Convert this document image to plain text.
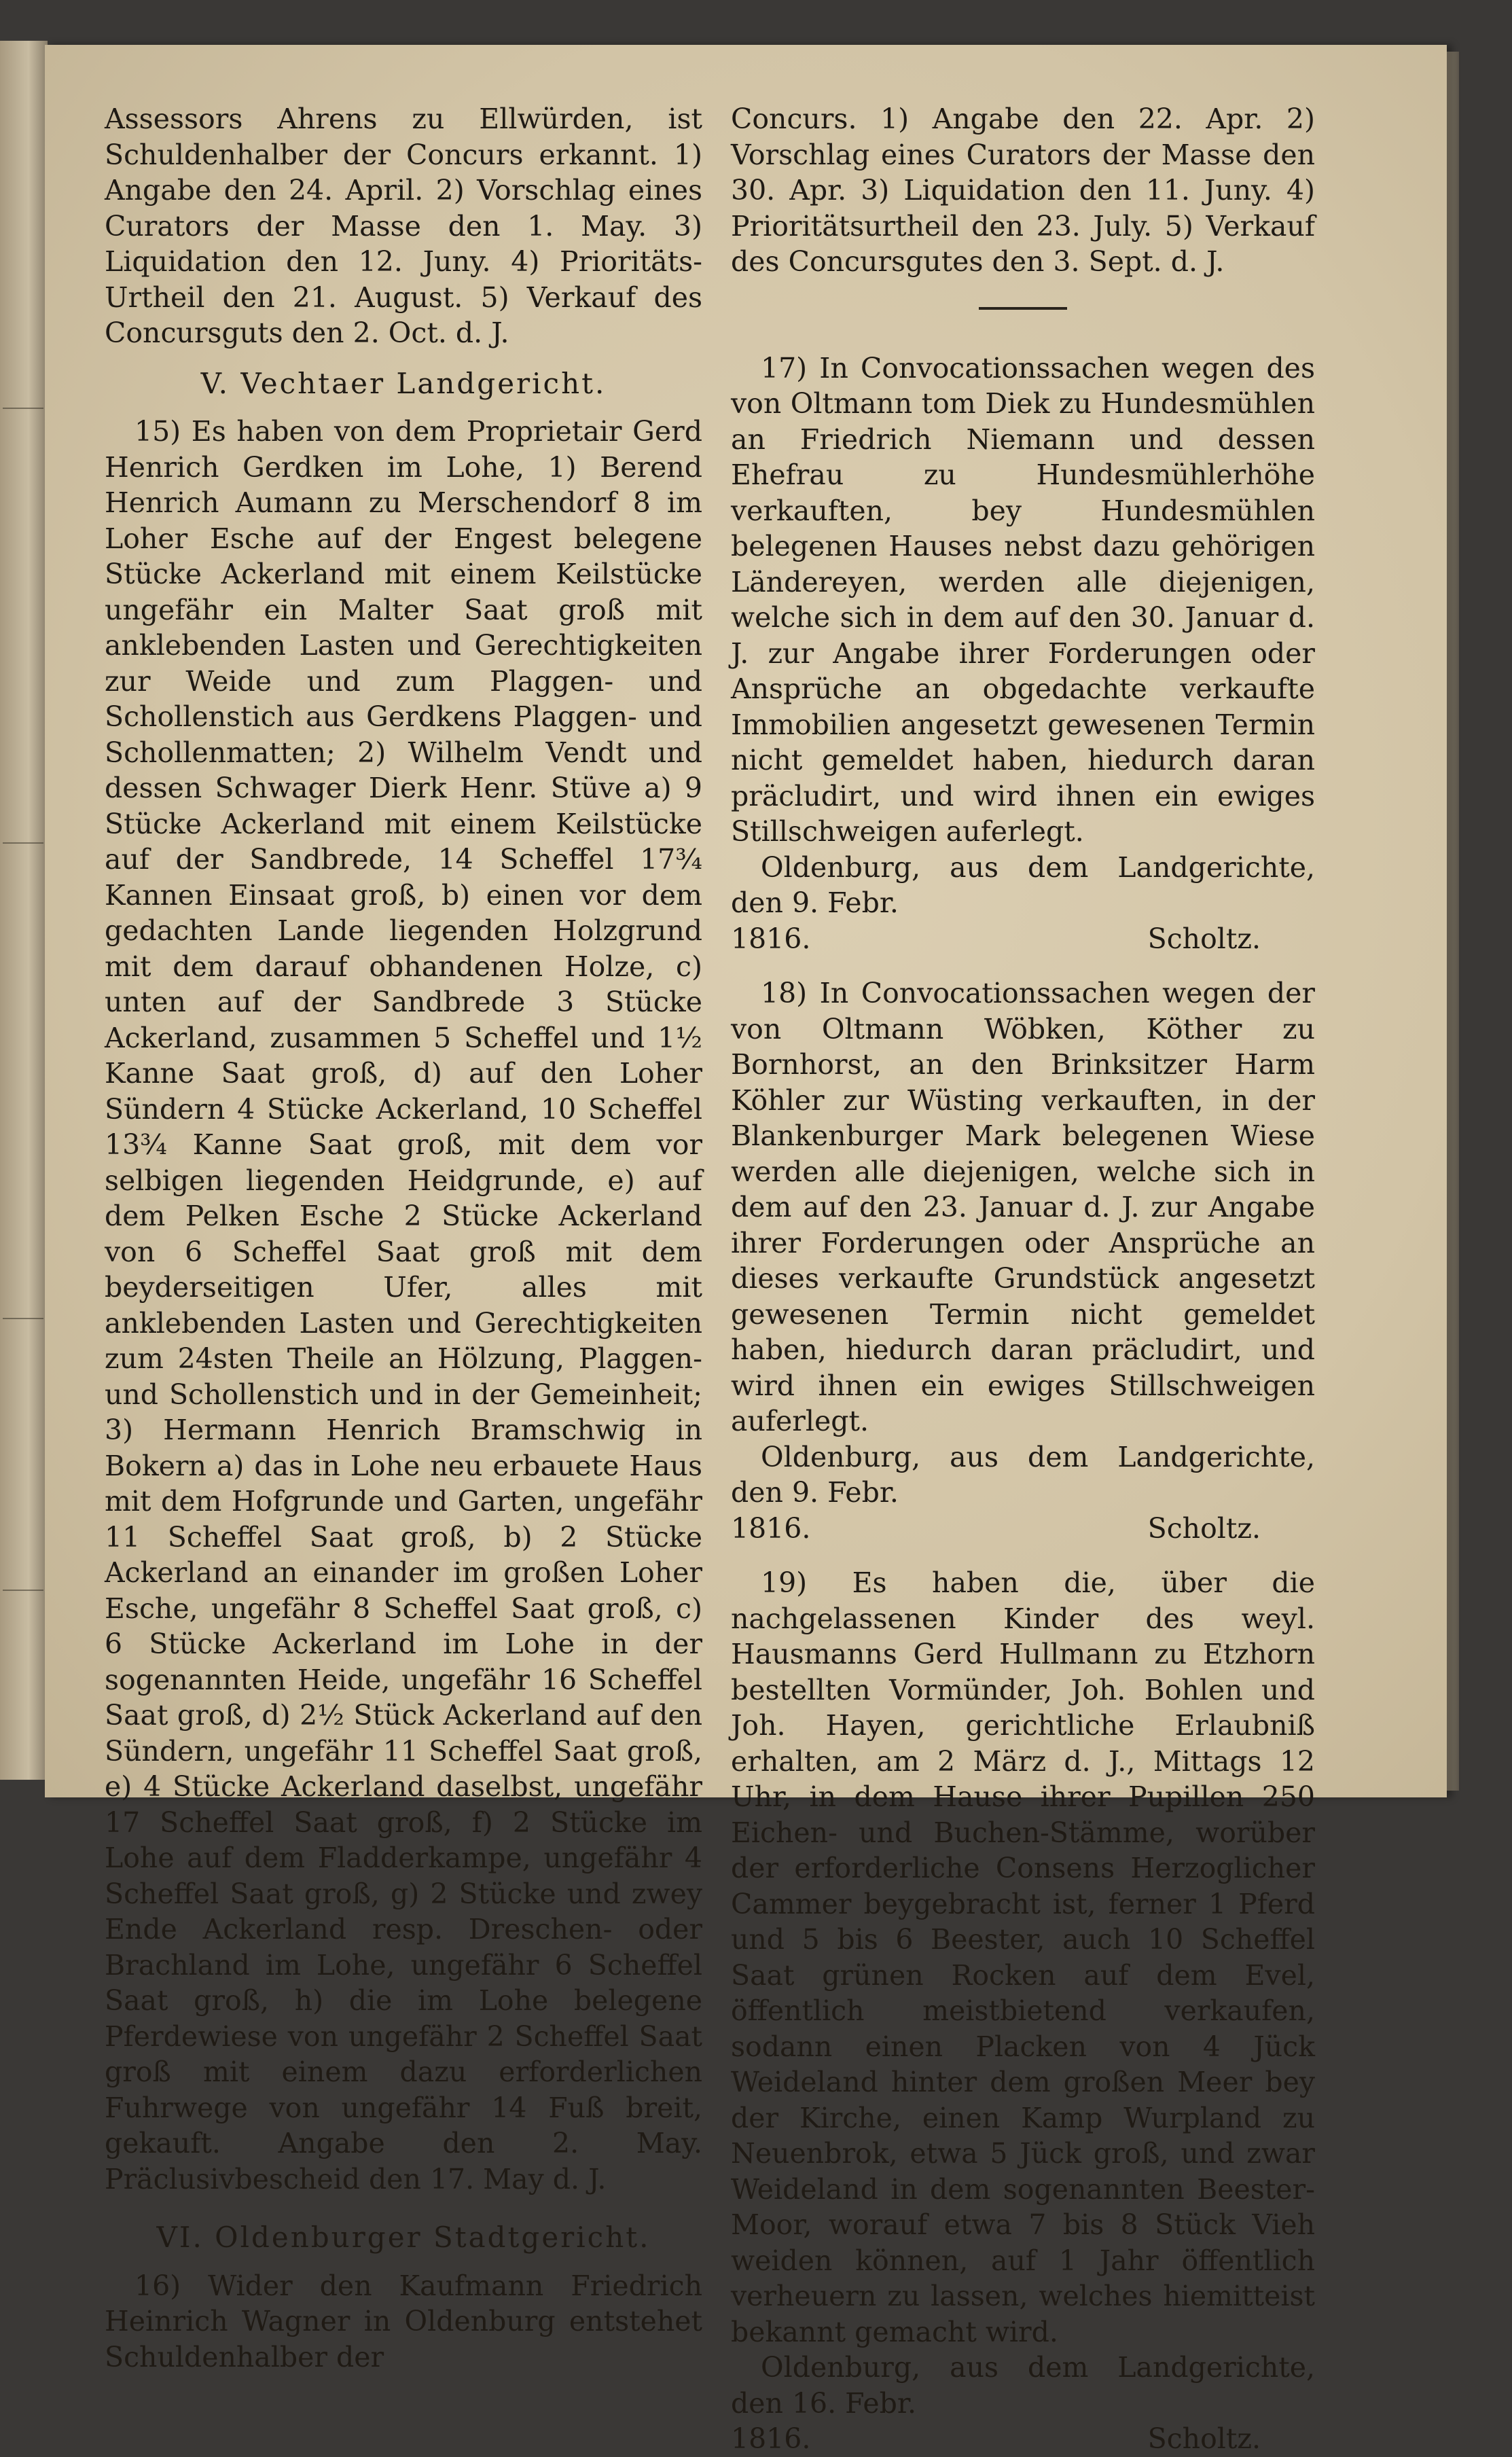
Assessors Ahrens zu Ellwürden, ist Schuldenhalber der Concurs erkannt. 1) Angabe den 24. April. 2) Vorschlag eines Curators der Masse den 1. May. 3) Liquidation den 12. Juny. 4) Prioritäts-Urtheil den 21. August. 5) Verkauf des Concursguts den 2. Oct. d. J.

V. Vechtaer Landgericht.

15) Es haben von dem Proprietair Gerd Henrich Gerdken im Lohe, 1) Berend Henrich Aumann zu Merschendorf 8 im Loher Esche auf der Engest belegene Stücke Ackerland mit einem Keilstücke ungefähr ein Malter Saat groß mit anklebenden Lasten und Gerechtigkeiten zur Weide und zum Plaggen- und Schollenstich aus Gerdkens Plaggen- und Schollenmatten; 2) Wilhelm Vendt und dessen Schwager Dierk Henr. Stüve a) 9 Stücke Ackerland mit einem Keilstücke auf der Sandbrede, 14 Scheffel 17¾ Kannen Einsaat groß, b) einen vor dem gedachten Lande liegenden Holzgrund mit dem darauf obhandenen Holze, c) unten auf der Sandbrede 3 Stücke Ackerland, zusammen 5 Scheffel und 1½ Kanne Saat groß, d) auf den Loher Sündern 4 Stücke Ackerland, 10 Scheffel 13¾ Kanne Saat groß, mit dem vor selbigen liegenden Heidgrunde, e) auf dem Pelken Esche 2 Stücke Ackerland von 6 Scheffel Saat groß mit dem beyderseitigen Ufer, alles mit anklebenden Lasten und Gerechtigkeiten zum 24sten Theile an Hölzung, Plaggen- und Schollenstich und in der Gemeinheit; 3) Hermann Henrich Bramschwig in Bokern a) das in Lohe neu erbauete Haus mit dem Hofgrunde und Garten, ungefähr 11 Scheffel Saat groß, b) 2 Stücke Ackerland an einander im großen Loher Esche, ungefähr 8 Scheffel Saat groß, c) 6 Stücke Ackerland im Lohe in der sogenannten Heide, ungefähr 16 Scheffel Saat groß, d) 2½ Stück Ackerland auf den Sündern, ungefähr 11 Scheffel Saat groß, e) 4 Stücke Ackerland daselbst, ungefähr 17 Scheffel Saat groß, f) 2 Stücke im Lohe auf dem Fladderkampe, ungefähr 4 Scheffel Saat groß, g) 2 Stücke und zwey Ende Ackerland resp. Dreschen- oder Brachland im Lohe, ungefähr 6 Scheffel Saat groß, h) die im Lohe belegene Pferdewiese von ungefähr 2 Scheffel Saat groß mit einem dazu erforderlichen Fuhrwege von ungefähr 14 Fuß breit, gekauft. Angabe den 2. May. Präclusivbescheid den 17. May d. J.

VI. Oldenburger Stadtgericht.

16) Wider den Kaufmann Friedrich Heinrich Wagner in Oldenburg entstehet Schuldenhalber der

Concurs. 1) Angabe den 22. Apr. 2) Vorschlag eines Curators der Masse den 30. Apr. 3) Liquidation den 11. Juny. 4) Prioritätsurtheil den 23. July. 5) Verkauf des Concursgutes den 3. Sept. d. J.

17) In Convocationssachen wegen des von Oltmann tom Diek zu Hundesmühlen an Friedrich Niemann und dessen Ehefrau zu Hundesmühlerhöhe verkauften, bey Hundesmühlen belegenen Hauses nebst dazu gehörigen Ländereyen, werden alle diejenigen, welche sich in dem auf den 30. Januar d. J. zur Angabe ihrer Forderungen oder Ansprüche an obgedachte verkaufte Immobilien angesetzt gewesenen Termin nicht gemeldet haben, hiedurch daran präcludirt, und wird ihnen ein ewiges Stillschweigen auferlegt.

Oldenburg, aus dem Landgerichte, den 9. Febr.

1816.	Scholtz.

18) In Convocationssachen wegen der von Oltmann Wöbken, Köther zu Bornhorst, an den Brinksitzer Harm Köhler zur Wüsting verkauften, in der Blankenburger Mark belegenen Wiese werden alle diejenigen, welche sich in dem auf den 23. Januar d. J. zur Angabe ihrer Forderungen oder Ansprüche an dieses verkaufte Grundstück angesetzt gewesenen Termin nicht gemeldet haben, hiedurch daran präcludirt, und wird ihnen ein ewiges Stillschweigen auferlegt.

Oldenburg, aus dem Landgerichte, den 9. Febr.

1816.	Scholtz.

19) Es haben die, über die nachgelassenen Kinder des weyl. Hausmanns Gerd Hullmann zu Etzhorn bestellten Vormünder, Joh. Bohlen und Joh. Hayen, gerichtliche Erlaubniß erhalten, am 2 März d. J., Mittags 12 Uhr, in dem Hause ihrer Pupillen 250 Eichen- und Buchen-Stämme, worüber der erforderliche Consens Herzoglicher Cammer beygebracht ist, ferner 1 Pferd und 5 bis 6 Beester, auch 10 Scheffel Saat grünen Rocken auf dem Evel, öffentlich meistbietend verkaufen, sodann einen Placken von 4 Jück Weideland hinter dem großen Meer bey der Kirche, einen Kamp Wurpland zu Neuenbrok, etwa 5 Jück groß, und zwar Weideland in dem sogenannten Beester-Moor, worauf etwa 7 bis 8 Stück Vieh weiden können, auf 1 Jahr öffentlich verheuern zu lassen, welches hiemitteist bekannt gemacht wird.

Oldenburg, aus dem Landgerichte, den 16. Febr.

1816.	Scholtz.
